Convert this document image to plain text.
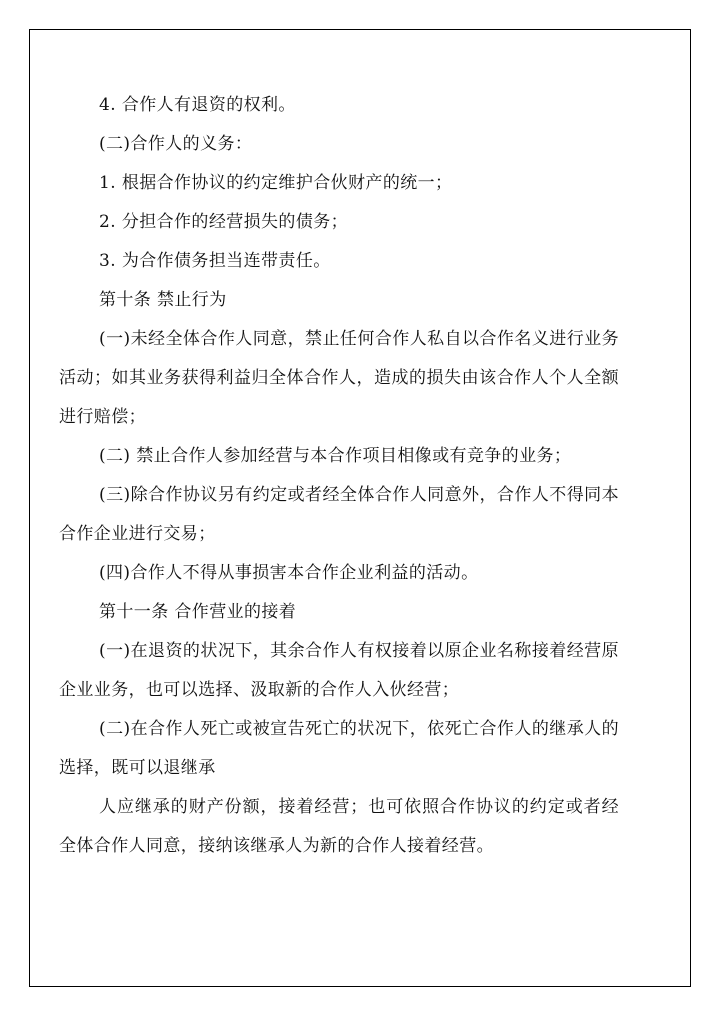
4. 合作人有退资的权利。

(二)合作人的义务：

1. 根据合作协议的约定维护合伙财产的统一；

2. 分担合作的经营损失的债务；

3. 为合作债务担当连带责任。

第十条 禁止行为

(一)未经全体合作人同意，禁止任何合作人私自以合作名义进行业务活动；如其业务获得利益归全体合作人，造成的损失由该合作人个人全额进行赔偿；

(二) 禁止合作人参加经营与本合作项目相像或有竞争的业务；

(三)除合作协议另有约定或者经全体合作人同意外，合作人不得同本合作企业进行交易；

(四)合作人不得从事损害本合作企业利益的活动。

第十一条 合作营业的接着

(一)在退资的状况下，其余合作人有权接着以原企业名称接着经营原企业业务，也可以选择、汲取新的合作人入伙经营；

(二)在合作人死亡或被宣告死亡的状况下，依死亡合作人的继承人的选择，既可以退继承

人应继承的财产份额，接着经营；也可依照合作协议的约定或者经全体合作人同意，接纳该继承人为新的合作人接着经营。
